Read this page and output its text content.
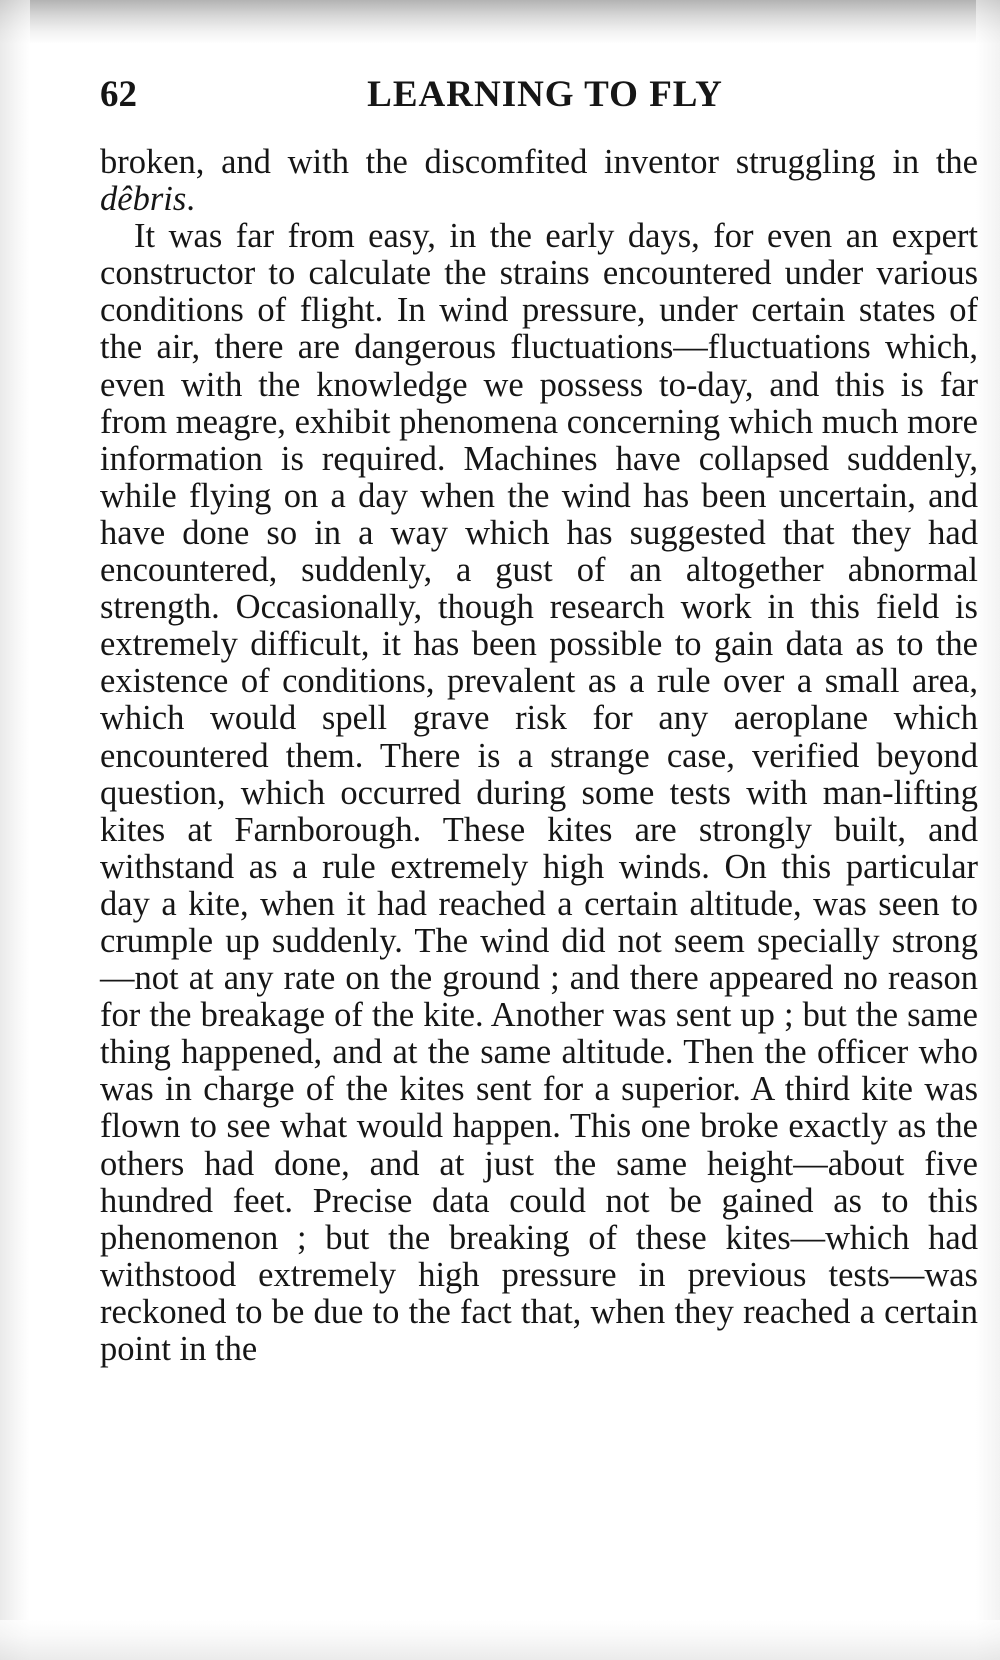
62	LEARNING TO FLY

broken, and with the discomfited inventor struggling in the dêbris.

It was far from easy, in the early days, for even an expert constructor to calculate the strains encountered under various conditions of flight. In wind pressure, under certain states of the air, there are dangerous fluctuations—fluctuations which, even with the knowledge we possess to-day, and this is far from meagre, exhibit phenomena concerning which much more information is required. Machines have collapsed suddenly, while flying on a day when the wind has been uncertain, and have done so in a way which has suggested that they had encountered, suddenly, a gust of an altogether abnormal strength. Occasionally, though research work in this field is extremely difficult, it has been possible to gain data as to the existence of conditions, prevalent as a rule over a small area, which would spell grave risk for any aeroplane which encountered them. There is a strange case, verified beyond question, which occurred during some tests with man-lifting kites at Farnborough. These kites are strongly built, and withstand as a rule extremely high winds. On this particular day a kite, when it had reached a certain altitude, was seen to crumple up suddenly. The wind did not seem specially strong—not at any rate on the ground ; and there appeared no reason for the breakage of the kite. Another was sent up ; but the same thing happened, and at the same altitude. Then the officer who was in charge of the kites sent for a superior. A third kite was flown to see what would happen. This one broke exactly as the others had done, and at just the same height—about five hundred feet. Precise data could not be gained as to this phenomenon ; but the breaking of these kites—which had withstood extremely high pressure in previous tests—was reckoned to be due to the fact that, when they reached a certain point in the
